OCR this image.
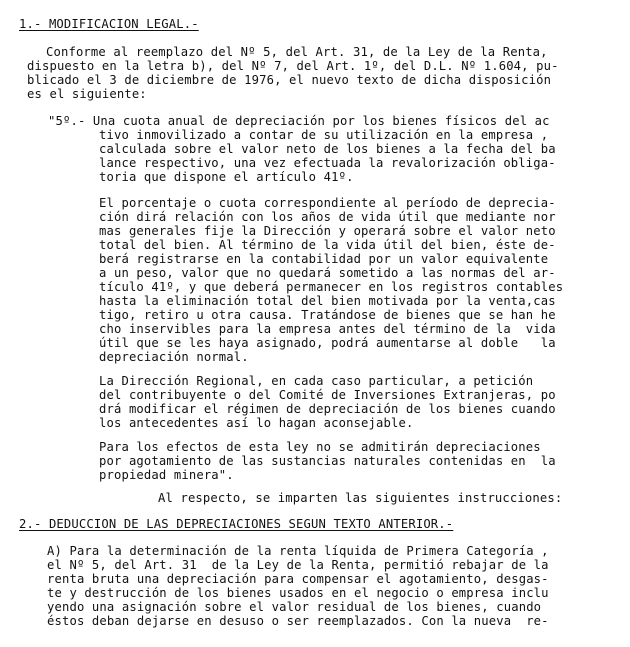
1.- MODIFICACION LEGAL.-

Conforme al reemplazo del Nº 5, del Art. 31, de la Ley de la Renta,

dispuesto en la letra b), del Nº 7, del Art. 1º, del D.L. Nº 1.604, pu-

blicado el 3 de diciembre de 1976, el nuevo texto de dicha disposición

es el siguiente:

"5º.- Una cuota anual de depreciación por los bienes físicos del ac

tivo inmovilizado a contar de su utilización en la empresa ,

calculada sobre el valor neto de los bienes a la fecha del ba

lance respectivo, una vez efectuada la revalorización obliga-

toria que dispone el artículo 41º.

El porcentaje o cuota correspondiente al período de deprecia-

ción dirá relación con los años de vida útil que mediante nor

mas generales fije la Dirección y operará sobre el valor neto

total del bien. Al término de la vida útil del bien, éste de-

berá registrarse en la contabilidad por un valor equivalente

a un peso, valor que no quedará sometido a las normas del ar-

tículo 41º, y que deberá permanecer en los registros contables

hasta la eliminación total del bien motivada por la venta,cas

tigo, retiro u otra causa. Tratándose de bienes que se han he

cho inservibles para la empresa antes del término de la  vida

útil que se les haya asignado, podrá aumentarse al doble   la

depreciación normal.

La Dirección Regional, en cada caso particular, a petición

del contribuyente o del Comité de Inversiones Extranjeras, po

drá modificar el régimen de depreciación de los bienes cuando

los antecedentes así lo hagan aconsejable.

Para los efectos de esta ley no se admitirán depreciaciones

por agotamiento de las sustancias naturales contenidas en  la

propiedad minera".

Al respecto, se imparten las siguientes instrucciones:

2.- DEDUCCION DE LAS DEPRECIACIONES SEGUN TEXTO ANTERIOR.-

A) Para la determinación de la renta líquida de Primera Categoría ,

el Nº 5, del Art. 31  de la Ley de la Renta, permitió rebajar de la

renta bruta una depreciación para compensar el agotamiento, desgas-

te y destrucción de los bienes usados en el negocio o empresa inclu

yendo una asignación sobre el valor residual de los bienes, cuando

éstos deban dejarse en desuso o ser reemplazados. Con la nueva  re-
